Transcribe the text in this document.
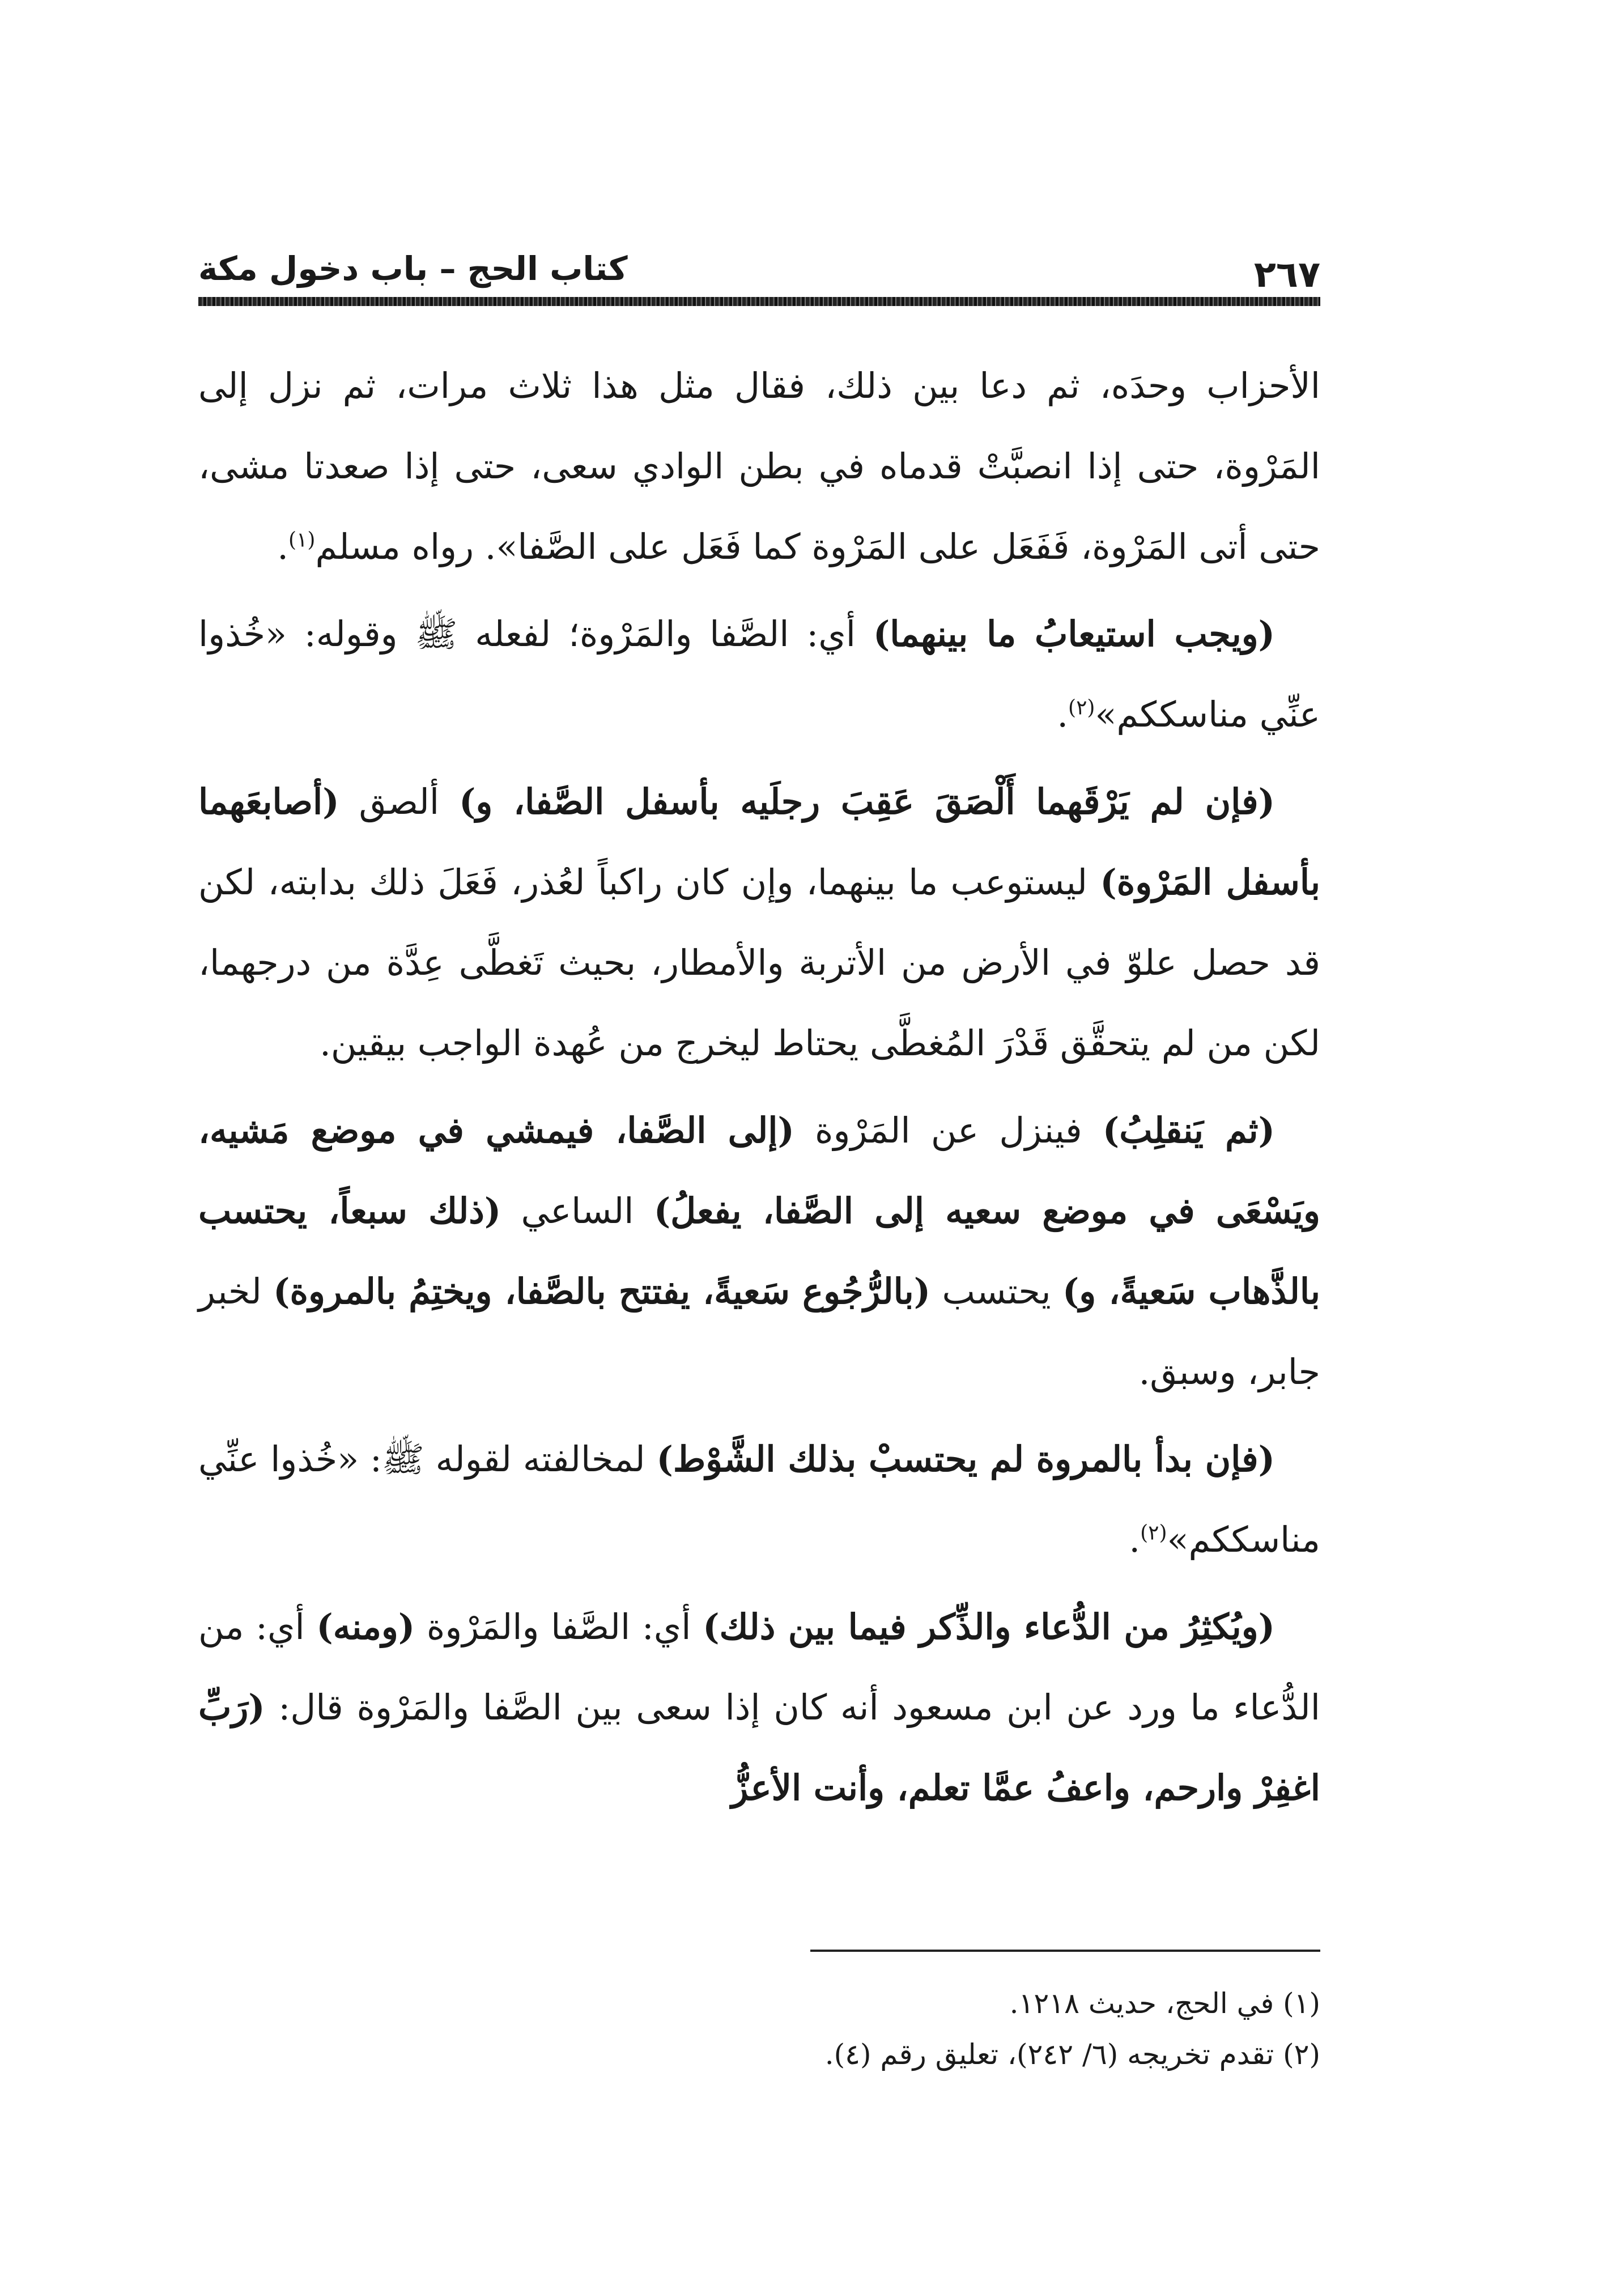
٢٦٧
كتاب الحج – باب دخول مكة

الأحزاب وحدَه، ثم دعا بين ذلك، فقال مثل هذا ثلاث مرات، ثم نزل إلى المَرْوة، حتى إذا انصبَّتْ قدماه في بطن الوادي سعى، حتى إذا صعدتا مشى، حتى أتى المَرْوة، فَفَعَل على المَرْوة كما فَعَل على الصَّفا». رواه مسلم$^{(١)}$.

(ويجب استيعابُ ما بينهما) أي: الصَّفا والمَرْوة؛ لفعله ﷺ وقوله: «خُذوا عنِّي مناسككم»$^{(٢)}$.

(فإن لم يَرْقَهما أَلْصَقَ عَقِبَ رجلَيه بأسفل الصَّفا، و) ألصق (أصابعَهما بأسفل المَرْوة) ليستوعب ما بينهما، وإن كان راكباً لعُذر، فَعَلَ ذلك بدابته، لكن قد حصل علوّ في الأرض من الأتربة والأمطار، بحيث تَغطَّى عِدَّة من درجهما، لكن من لم يتحقَّق قَدْرَ المُغطَّى يحتاط ليخرج من عُهدة الواجب بيقين.

(ثم يَنقلِبُ) فينزل عن المَرْوة (إلى الصَّفا، فيمشي في موضع مَشيه، ويَسْعَى في موضع سعيه إلى الصَّفا، يفعلُ) الساعي (ذلك سبعاً، يحتسب بالذَّهاب سَعيةً، و) يحتسب (بالرُّجُوع سَعيةً، يفتتح بالصَّفا، ويختِمُ بالمروة) لخبر جابر، وسبق.

(فإن بدأ بالمروة لم يحتسبْ بذلك الشَّوْط) لمخالفته لقوله ﷺ: «خُذوا عنِّي مناسككم»$^{(٢)}$.

(ويُكثِرُ من الدُّعاء والذِّكر فيما بين ذلك) أي: الصَّفا والمَرْوة (ومنه) أي: من الدُّعاء ما ورد عن ابن مسعود أنه كان إذا سعى بين الصَّفا والمَرْوة قال: (رَبِّ اغفِرْ وارحم، واعفُ عمَّا تعلم، وأنت الأعزُّ

(١) في الحج، حديث ١٢١٨.
(٢) تقدم تخريجه (٦/ ٢٤٢)، تعليق رقم (٤).
